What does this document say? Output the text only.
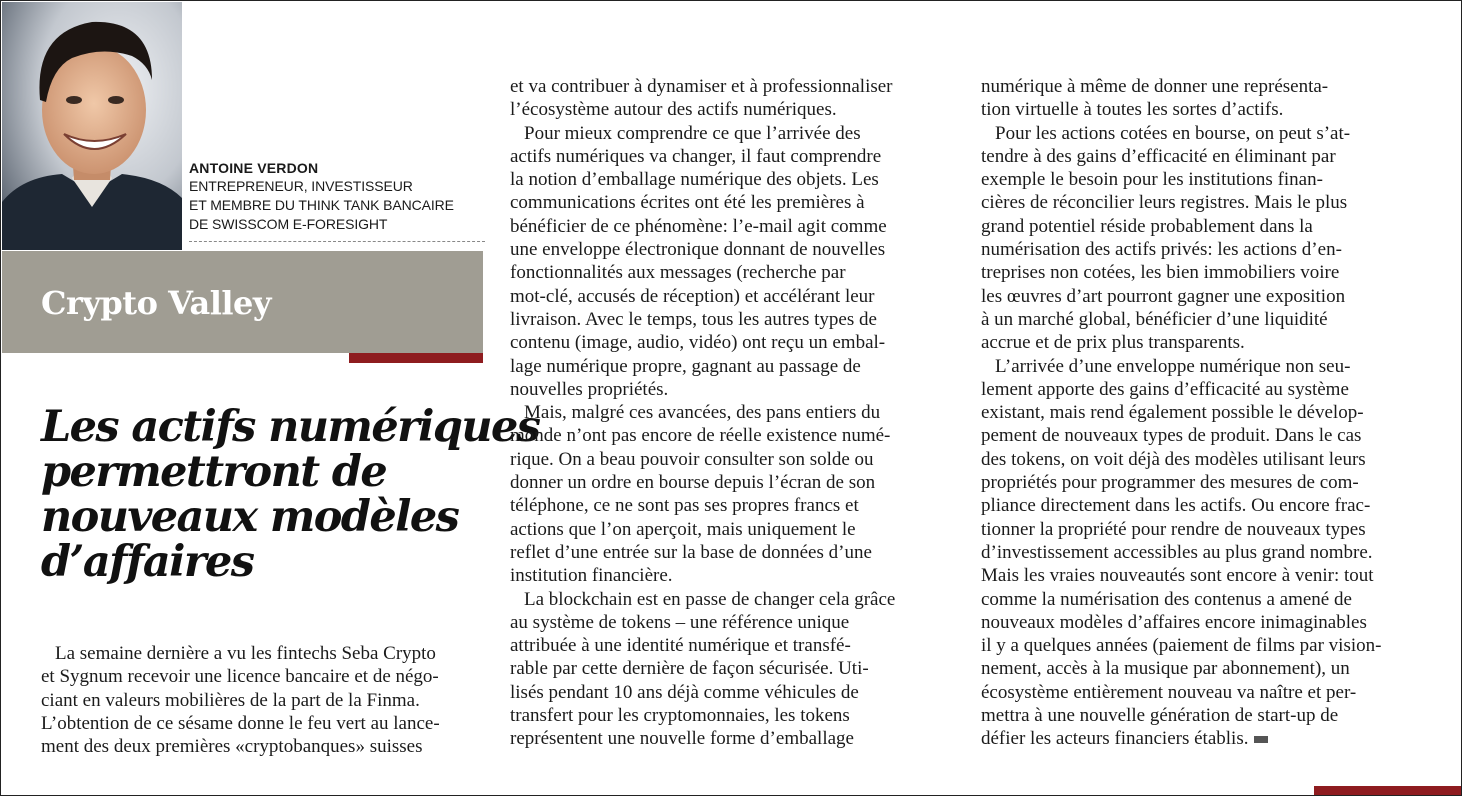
ANTOINE VERDON
ENTREPRENEUR, INVESTISSEUR
ET MEMBRE DU THINK TANK BANCAIRE
DE SWISSCOM E-FORESIGHT
Crypto Valley
Les actifs numériques
permettront de
nouveaux modèles
d’affaires
La semaine dernière a vu les fintechs Seba Crypto
et Sygnum recevoir une licence bancaire et de négo-
ciant en valeurs mobilières de la part de la Finma.
L’obtention de ce sésame donne le feu vert au lance-
ment des deux premières «cryptobanques» suisses
et va contribuer à dynamiser et à professionnaliser
l’écosystème autour des actifs numériques.
Pour mieux comprendre ce que l’arrivée des
actifs numériques va changer, il faut comprendre
la notion d’emballage numérique des objets. Les
communications écrites ont été les premières à
bénéficier de ce phénomène: l’e-mail agit comme
une enveloppe électronique donnant de nouvelles
fonctionnalités aux messages (recherche par
mot-clé, accusés de réception) et accélérant leur
livraison. Avec le temps, tous les autres types de
contenu (image, audio, vidéo) ont reçu un embal-
lage numérique propre, gagnant au passage de
nouvelles propriétés.
Mais, malgré ces avancées, des pans entiers du
monde n’ont pas encore de réelle existence numé-
rique. On a beau pouvoir consulter son solde ou
donner un ordre en bourse depuis l’écran de son
téléphone, ce ne sont pas ses propres francs et
actions que l’on aperçoit, mais uniquement le
reflet d’une entrée sur la base de données d’une
institution financière.
La blockchain est en passe de changer cela grâce
au système de tokens – une référence unique
attribuée à une identité numérique et transfé-
rable par cette dernière de façon sécurisée. Uti-
lisés pendant 10 ans déjà comme véhicules de
transfert pour les cryptomonnaies, les tokens
représentent une nouvelle forme d’emballage
numérique à même de donner une représenta-
tion virtuelle à toutes les sortes d’actifs.
Pour les actions cotées en bourse, on peut s’at-
tendre à des gains d’efficacité en éliminant par
exemple le besoin pour les institutions finan-
cières de réconcilier leurs registres. Mais le plus
grand potentiel réside probablement dans la
numérisation des actifs privés: les actions d’en-
treprises non cotées, les bien immobiliers voire
les œuvres d’art pourront gagner une exposition
à un marché global, bénéficier d’une liquidité
accrue et de prix plus transparents.
L’arrivée d’une enveloppe numérique non seu-
lement apporte des gains d’efficacité au système
existant, mais rend également possible le dévelop-
pement de nouveaux types de produit. Dans le cas
des tokens, on voit déjà des modèles utilisant leurs
propriétés pour programmer des mesures de com-
pliance directement dans les actifs. Ou encore frac-
tionner la propriété pour rendre de nouveaux types
d’investissement accessibles au plus grand nombre.
Mais les vraies nouveautés sont encore à venir: tout
comme la numérisation des contenus a amené de
nouveaux modèles d’affaires encore inimaginables
il y a quelques années (paiement de films par vision-
nement, accès à la musique par abonnement), un
écosystème entièrement nouveau va naître et per-
mettra à une nouvelle génération de start-up de
défier les acteurs financiers établis.
